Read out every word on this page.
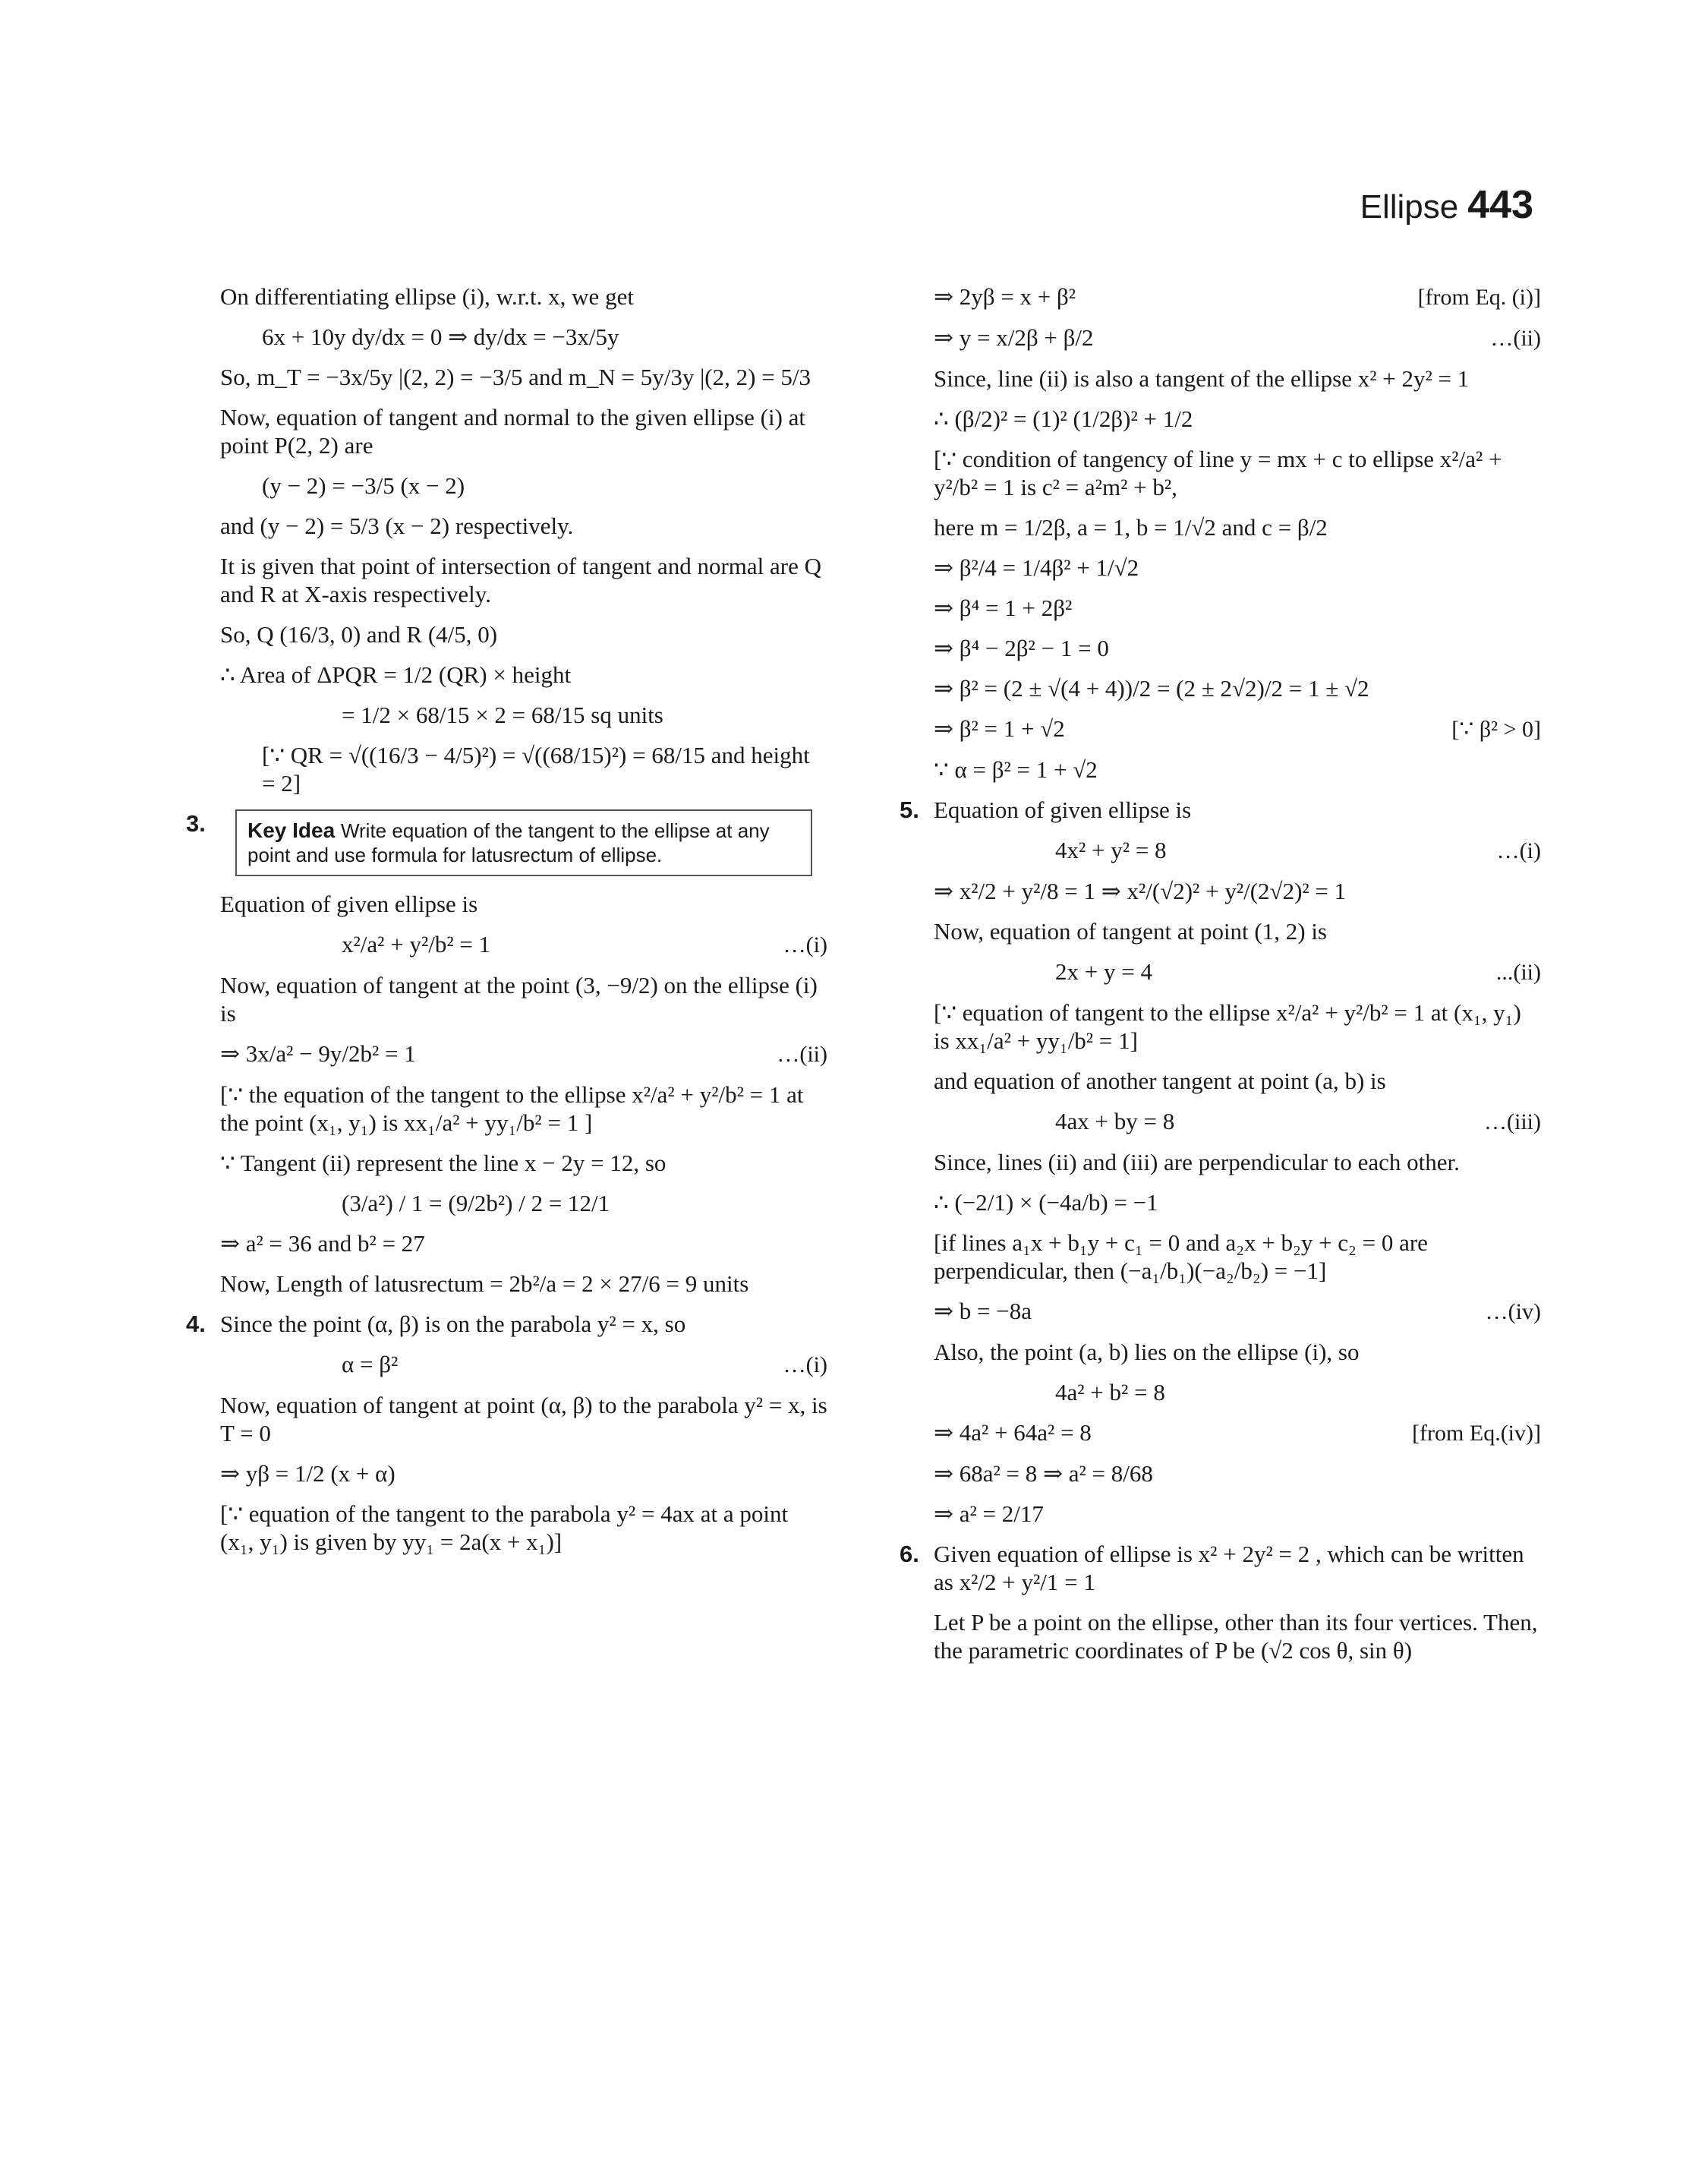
Ellipse 443
On differentiating ellipse (i), w.r.t. x, we get
6x + 10y dy/dx = 0 ⇒ dy/dx = −3x/5y
So, m_T = −3x/5y |(2, 2) = −3/5 and m_N = 5y/3y |(2, 2) = 5/3
Now, equation of tangent and normal to the given ellipse (i) at point P(2, 2) are
(y − 2) = −3/5 (x − 2)
and (y − 2) = 5/3 (x − 2) respectively.
It is given that point of intersection of tangent and normal are Q and R at X-axis respectively.
So, Q (16/3, 0) and R (4/5, 0)
∴ Area of ΔPQR = 1/2 (QR) × height
= 1/2 × 68/15 × 2 = 68/15 sq units
[∵ QR = √((16/3 − 4/5)²) = √((68/15)²) = 68/15 and height = 2]
3.	Key Idea Write equation of the tangent to the ellipse at any point and use formula for latusrectum of ellipse.
Equation of given ellipse is
x²/a² + y²/b² = 1	…(i)
Now, equation of tangent at the point (3, −9/2) on the ellipse (i) is
⇒ 3x/a² − 9y/2b² = 1	…(ii)
[∵ the equation of the tangent to the ellipse x²/a² + y²/b² = 1 at the point (x₁, y₁) is xx₁/a² + yy₁/b² = 1 ]
∵ Tangent (ii) represent the line x − 2y = 12, so
(3/a²) / 1 = (9/2b²) / 2 = 12/1
⇒ a² = 36 and b² = 27
Now, Length of latusrectum = 2b²/a = 2 × 27/6 = 9 units
4. Since the point (α, β) is on the parabola y² = x, so
α = β²	…(i)
Now, equation of tangent at point (α, β) to the parabola y² = x, is T = 0
⇒ yβ = 1/2 (x + α)
[∵ equation of the tangent to the parabola y² = 4ax at a point (x₁, y₁) is given by yy₁ = 2a(x + x₁)]
⇒ 2yβ = x + β²	[from Eq. (i)]
⇒ y = x/2β + β/2	…(ii)
Since, line (ii) is also a tangent of the ellipse x² + 2y² = 1
∴ (β/2)² = (1)² (1/2β)² + 1/2
[∵ condition of tangency of line y = mx + c to ellipse x²/a² + y²/b² = 1 is c² = a²m² + b²,
here m = 1/2β, a = 1, b = 1/√2 and c = β/2
⇒ β²/4 = 1/4β² + 1/√2
⇒ β⁴ = 1 + 2β²
⇒ β⁴ − 2β² − 1 = 0
⇒ β² = (2 ± √(4 + 4))/2 = (2 ± 2√2)/2 = 1 ± √2
⇒ β² = 1 + √2	[∵ β² > 0]
∵ α = β² = 1 + √2
5. Equation of given ellipse is
4x² + y² = 8	…(i)
⇒ x²/2 + y²/8 = 1 ⇒ x²/(√2)² + y²/(2√2)² = 1
Now, equation of tangent at point (1, 2) is
2x + y = 4	...(ii)
[∵ equation of tangent to the ellipse x²/a² + y²/b² = 1 at (x₁, y₁) is xx₁/a² + yy₁/b² = 1]
and equation of another tangent at point (a, b) is
4ax + by = 8	…(iii)
Since, lines (ii) and (iii) are perpendicular to each other.
∴ (−2/1) × (−4a/b) = −1
[if lines a₁x + b₁y + c₁ = 0 and a₂x + b₂y + c₂ = 0 are perpendicular, then (−a₁/b₁)(−a₂/b₂) = −1]
⇒ b = −8a	…(iv)
Also, the point (a, b) lies on the ellipse (i), so
4a² + b² = 8
⇒ 4a² + 64a² = 8	[from Eq.(iv)]
⇒ 68a² = 8 ⇒ a² = 8/68
⇒ a² = 2/17
6. Given equation of ellipse is x² + 2y² = 2 , which can be written as x²/2 + y²/1 = 1
Let P be a point on the ellipse, other than its four vertices. Then, the parametric coordinates of P be (√2 cos θ, sin θ)
